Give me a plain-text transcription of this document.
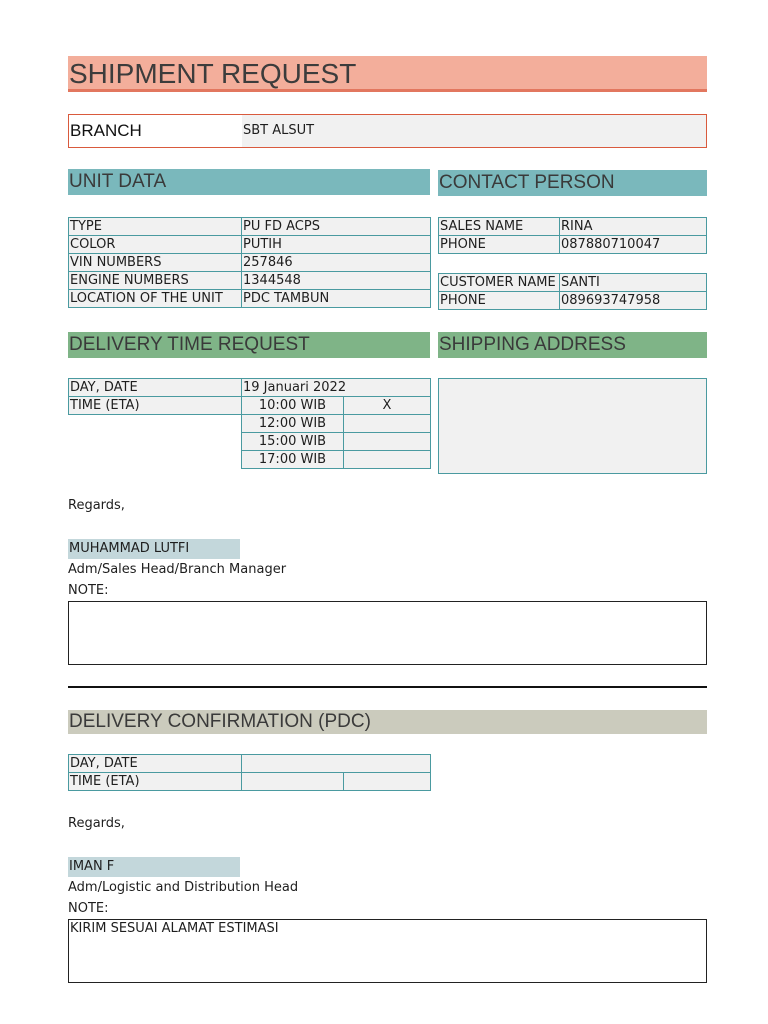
SHIPMENT REQUEST
BRANCH	SBT ALSUT
UNIT DATA	CONTACT PERSON
TYPE	PU FD ACPS
COLOR	PUTIH
VIN NUMBERS	257846
ENGINE NUMBERS	1344548
LOCATION OF THE UNIT	PDC TAMBUN
SALES NAME	RINA
PHONE	087880710047
CUSTOMER NAME	SANTI
PHONE	089693747958
DELIVERY TIME REQUEST	SHIPPING ADDRESS
DAY, DATE	19 Januari 2022	
TIME (ETA)	10:00 WIB	X
	12:00 WIB	
	15:00 WIB	
	17:00 WIB	
Regards,
MUHAMMAD LUTFI
Adm/Sales Head/Branch Manager
NOTE:
DELIVERY CONFIRMATION (PDC)
DAY, DATE		
TIME (ETA)		
Regards,
IMAN F
Adm/Logistic and Distribution Head
NOTE:
KIRIM SESUAI ALAMAT ESTIMASI
